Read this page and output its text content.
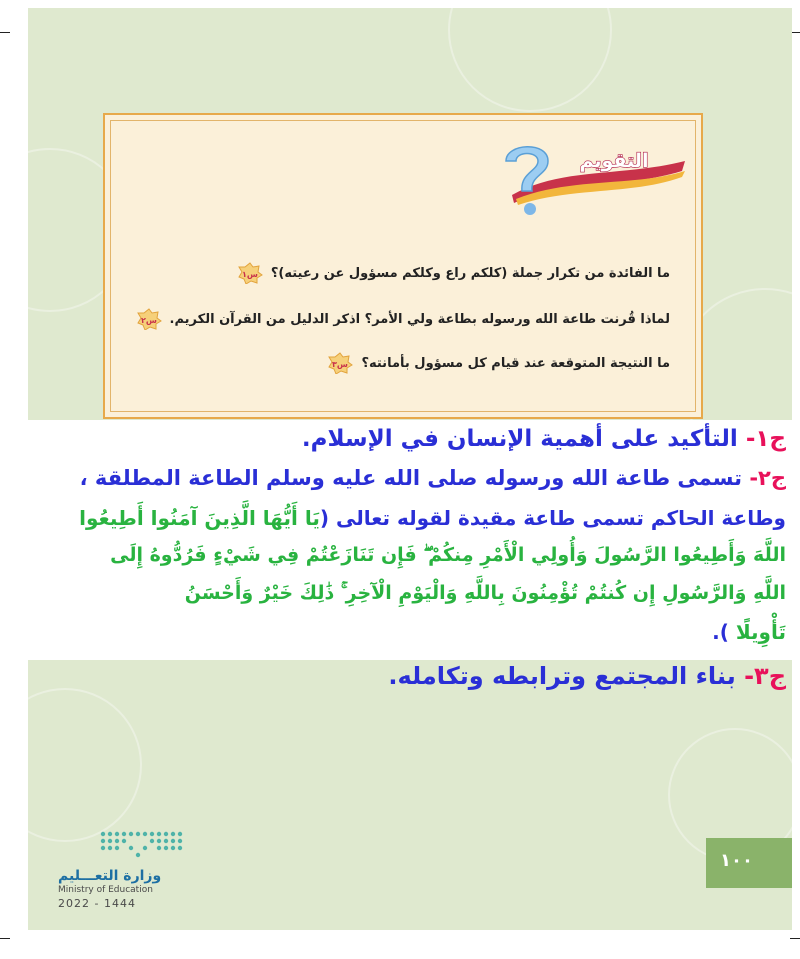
التقويم
س١ ما الفائدة من تكرار جملة (كلكم راع وكلكم مسؤول عن رعيته)؟
س٢ لماذا قُرنت طاعة الله ورسوله بطاعة ولي الأمر؟ اذكر الدليل من القرآن الكريم.
س٣ ما النتيجة المتوقعة عند قيام كل مسؤول بأمانته؟
ج١- التأكيد على أهمية الإنسان في الإسلام.
ج٢- تسمى طاعة الله ورسوله صلى الله عليه وسلم الطاعة المطلقة ،
وطاعة الحاكم تسمى طاعة مقيدة لقوله تعالى (يَا أَيُّهَا الَّذِينَ آمَنُوا أَطِيعُوا
اللَّهَ وَأَطِيعُوا الرَّسُولَ وَأُولِي الْأَمْرِ مِنكُمْ ۖ فَإِن تَنَازَعْتُمْ فِي شَيْءٍ فَرُدُّوهُ إِلَى
اللَّهِ وَالرَّسُولِ إِن كُنتُمْ تُؤْمِنُونَ بِاللَّهِ وَالْيَوْمِ الْآخِرِ ۚ ذَٰلِكَ خَيْرٌ وَأَحْسَنُ
تَأْوِيلًا ).
ج٣- بناء المجتمع وترابطه وتكامله.
وزارة التعـــليم
Ministry of Education
2022 - 1444
١٠٠
